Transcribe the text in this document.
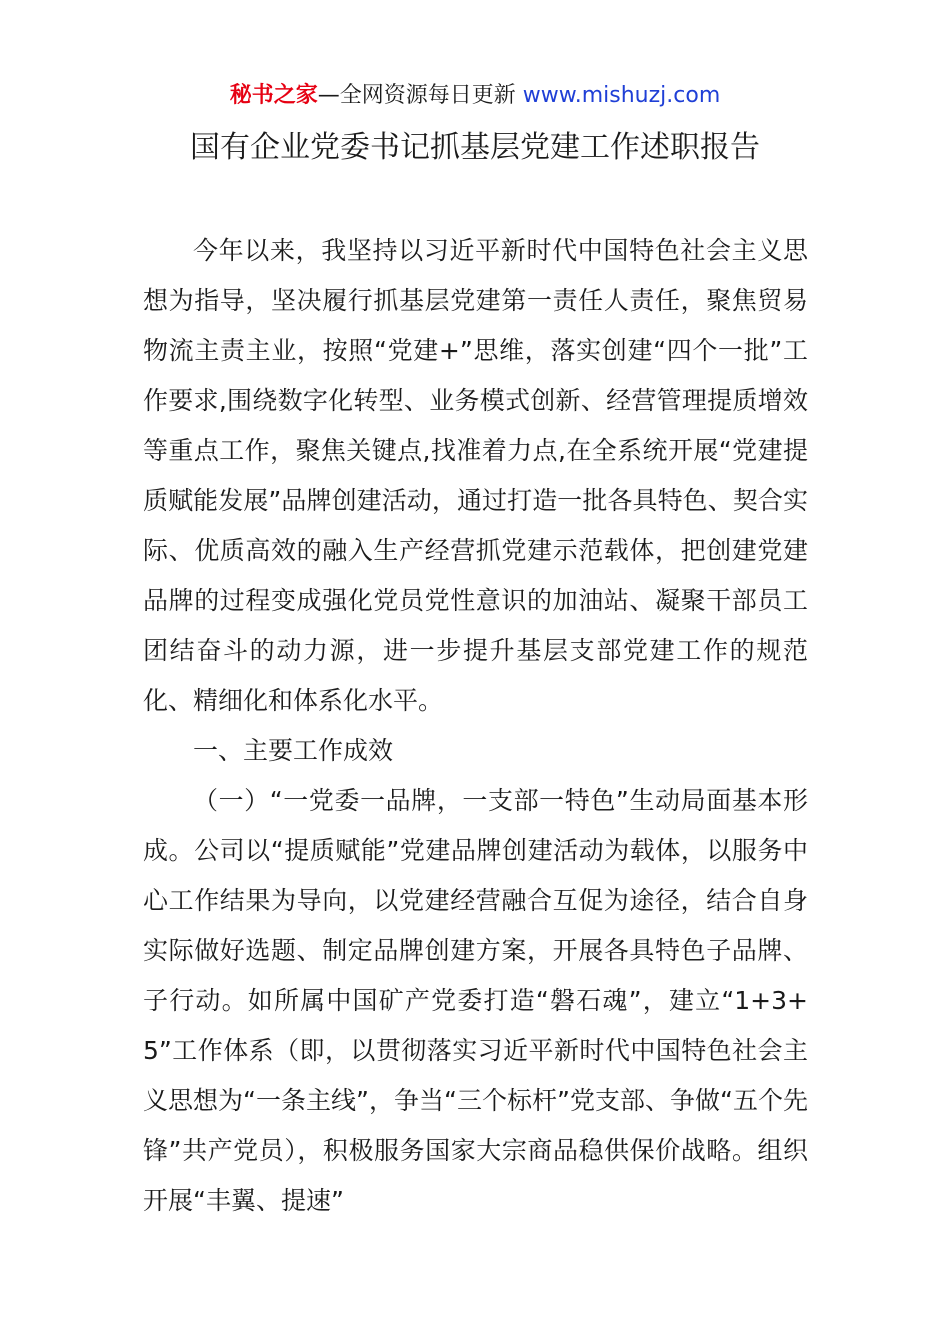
秘书之家—全网资源每日更新 www.mishuzj.com
国有企业党委书记抓基层党建工作述职报告

今年以来，我坚持以习近平新时代中国特色社会主义思想为指导，坚决履行抓基层党建第一责任人责任，聚焦贸易物流主责主业，按照“党建+”思维，落实创建“四个一批”工作要求,围绕数字化转型、业务模式创新、经营管理提质增效等重点工作，聚焦关键点,找准着力点,在全系统开展“党建提质赋能发展”品牌创建活动，通过打造一批各具特色、契合实际、优质高效的融入生产经营抓党建示范载体，把创建党建品牌的过程变成强化党员党性意识的加油站、凝聚干部员工团结奋斗的动力源，进一步提升基层支部党建工作的规范化、精细化和体系化水平。

一、主要工作成效

（一）“一党委一品牌，一支部一特色”生动局面基本形成。公司以“提质赋能”党建品牌创建活动为载体，以服务中心工作结果为导向，以党建经营融合互促为途径，结合自身实际做好选题、制定品牌创建方案，开展各具特色子品牌、子行动。如所属中国矿产党委打造“磐石魂”，建立“1+3+5”工作体系（即，以贯彻落实习近平新时代中国特色社会主义思想为“一条主线”，争当“三个标杆”党支部、争做“五个先锋”共产党员），积极服务国家大宗商品稳供保价战略。组织开展“丰翼、提速”
